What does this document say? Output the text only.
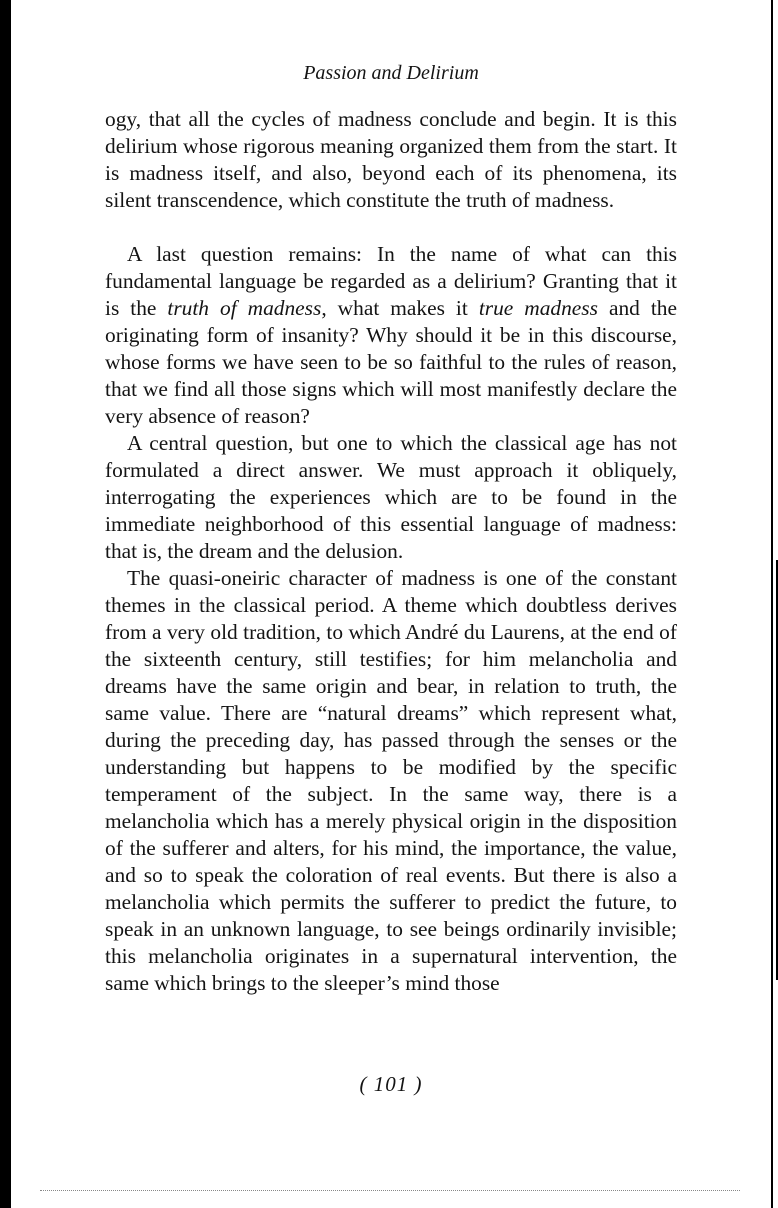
Passion and Delirium

ogy, that all the cycles of madness conclude and begin. It is this delirium whose rigorous meaning organized them from the start. It is madness itself, and also, beyond each of its phenomena, its silent transcendence, which constitute the truth of madness.

A last question remains: In the name of what can this fundamental language be regarded as a delirium? Granting that it is the truth of madness, what makes it true madness and the originating form of insanity? Why should it be in this discourse, whose forms we have seen to be so faithful to the rules of reason, that we find all those signs which will most manifestly declare the very absence of reason?

A central question, but one to which the classical age has not formulated a direct answer. We must approach it obliquely, interrogating the experiences which are to be found in the immediate neighborhood of this essential language of madness: that is, the dream and the delusion.

The quasi-oneiric character of madness is one of the constant themes in the classical period. A theme which doubtless derives from a very old tradition, to which André du Laurens, at the end of the sixteenth century, still testifies; for him melancholia and dreams have the same origin and bear, in relation to truth, the same value. There are “natural dreams” which represent what, during the preceding day, has passed through the senses or the understanding but happens to be modified by the specific temperament of the subject. In the same way, there is a melancholia which has a merely physical origin in the disposition of the sufferer and alters, for his mind, the importance, the value, and so to speak the coloration of real events. But there is also a melancholia which permits the sufferer to predict the future, to speak in an unknown language, to see beings ordinarily invisible; this melancholia originates in a supernatural intervention, the same which brings to the sleeper’s mind those

( 101 )
